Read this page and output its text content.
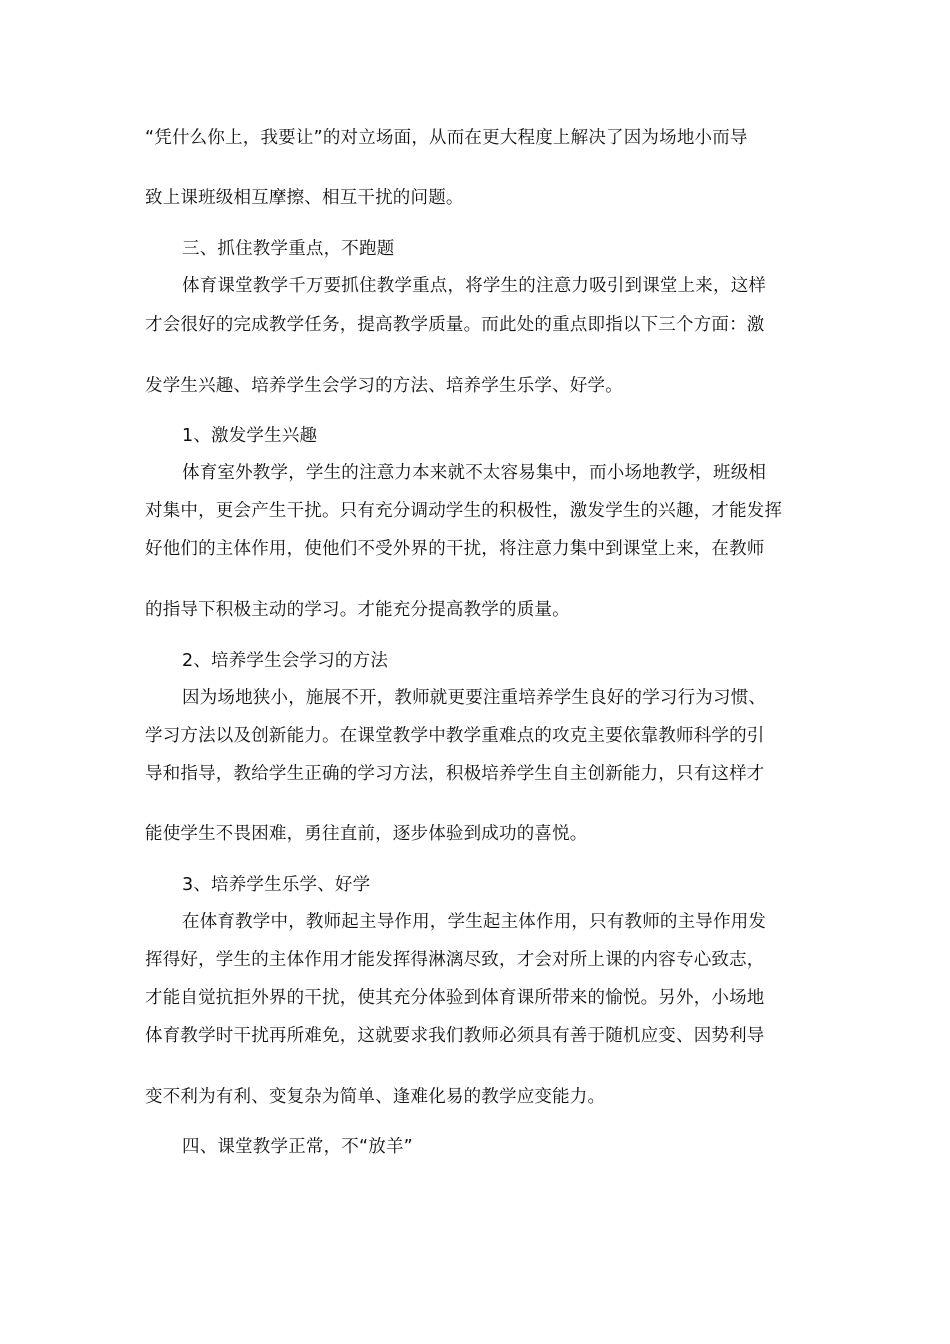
“凭什么你上，我要让”的对立场面，从而在更大程度上解决了因为场地小而导
致上课班级相互摩擦、相互干扰的问题。
三、抓住教学重点，不跑题
体育课堂教学千万要抓住教学重点，将学生的注意力吸引到课堂上来，这样
才会很好的完成教学任务，提高教学质量。而此处的重点即指以下三个方面：激
发学生兴趣、培养学生会学习的方法、培养学生乐学、好学。
1、激发学生兴趣
体育室外教学，学生的注意力本来就不太容易集中，而小场地教学，班级相
对集中，更会产生干扰。只有充分调动学生的积极性，激发学生的兴趣，才能发挥
好他们的主体作用，使他们不受外界的干扰，将注意力集中到课堂上来，在教师
的指导下积极主动的学习。才能充分提高教学的质量。
2、培养学生会学习的方法
因为场地狭小，施展不开，教师就更要注重培养学生良好的学习行为习惯、
学习方法以及创新能力。在课堂教学中教学重难点的攻克主要依靠教师科学的引
导和指导，教给学生正确的学习方法，积极培养学生自主创新能力，只有这样才
能使学生不畏困难，勇往直前，逐步体验到成功的喜悦。
3、培养学生乐学、好学
在体育教学中，教师起主导作用，学生起主体作用，只有教师的主导作用发
挥得好，学生的主体作用才能发挥得淋漓尽致，才会对所上课的内容专心致志，
才能自觉抗拒外界的干扰，使其充分体验到体育课所带来的愉悦。另外，小场地
体育教学时干扰再所难免，这就要求我们教师必须具有善于随机应变、因势利导
变不利为有利、变复杂为简单、逢难化易的教学应变能力。
四、课堂教学正常，不“放羊”
